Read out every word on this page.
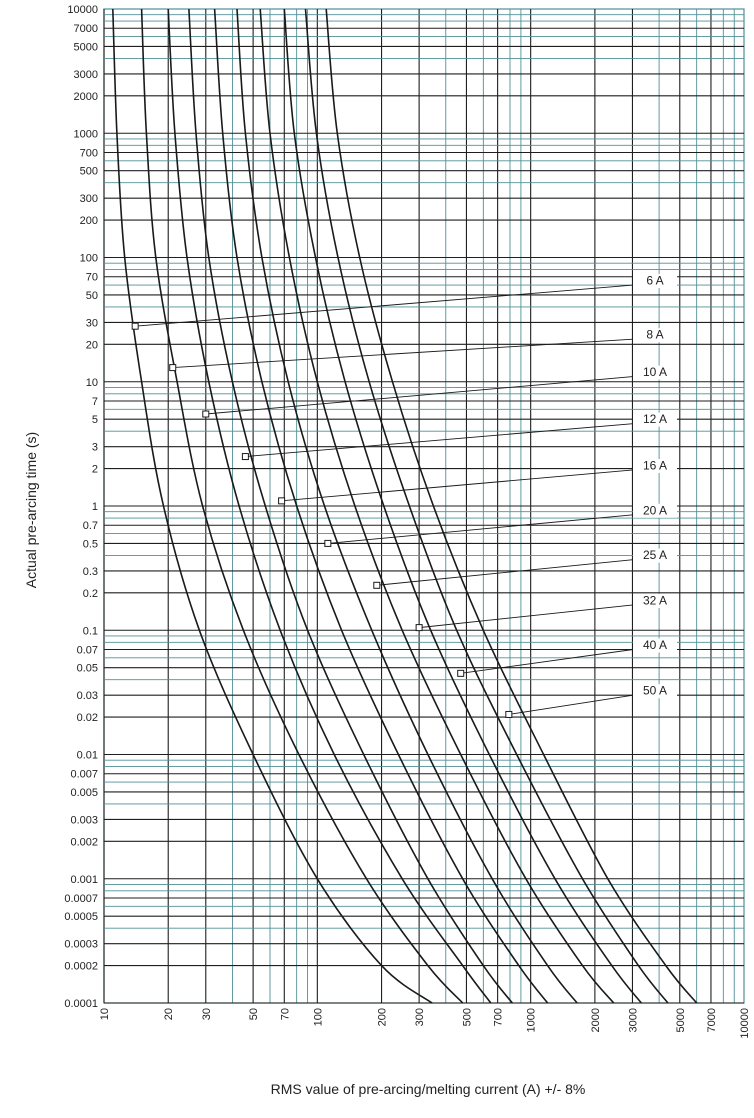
6 A
8 A
10 A
12 A
16 A
20 A
25 A
32 A
40 A
50 A
10000
7000
5000
3000
2000
1000
700
500
300
200
100
70
50
30
20
10
7
5
3
2
1
0.7
0.5
0.3
0.2
0.1
0.07
0.05
0.03
0.02
0.01
0.007
0.005
0.003
0.002
0.001
0.0007
0.0005
0.0003
0.0002
0.0001
10	20 30	50 70 100	200 300	500 700 1000	2000 3000	5000 7000 10000
Actual pre-arcing time (s)
RMS value of pre-arcing/melting current (A) +/- 8%
